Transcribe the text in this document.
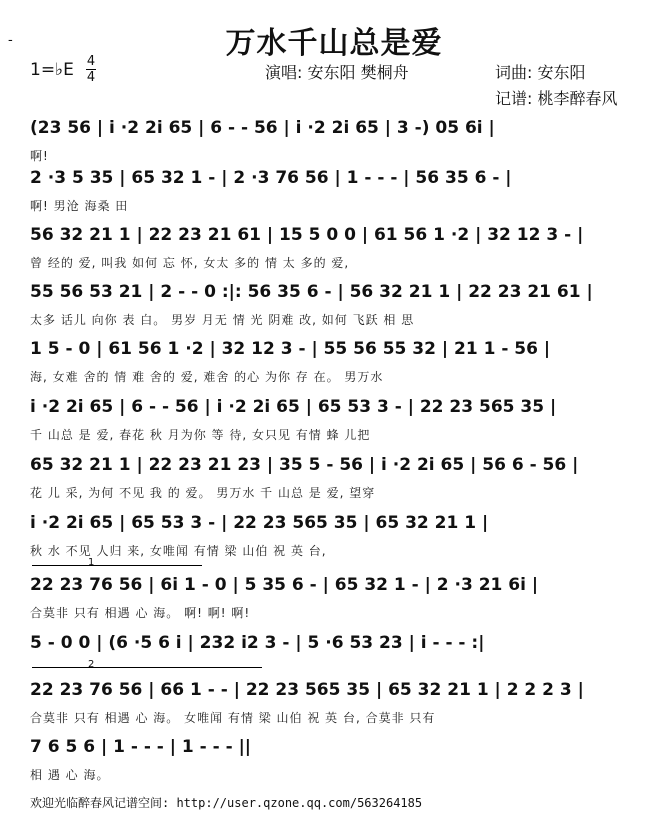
万水千山总是爱
-
1=♭E 4
4	演唱: 安东阳 樊桐舟	词曲: 安东阳
记谱: 桃李醉春风
(23 56 | i ·2 2i 65 | 6 - - 56 | i ·2 2i 65 | 3 -) 05 6i |
啊!
2 ·3 5 35 | 65 32 1 - | 2 ·3 76 56 | 1 - - - | 56 35 6 - |
啊! 男沧 海桑 田
56 32 21 1 | 22 23 21 61 | 15 5 0 0 | 61 56 1 ·2 | 32 12 3 - |
曾 经的 爱, 叫我 如何 忘 怀, 女太 多的 情 太 多的 爱,
55 56 53 21 | 2 - - 0 :|: 56 35 6 - | 56 32 21 1 | 22 23 21 61 |
太多 话儿 向你 表 白。 男岁 月无 情 光 阴难 改, 如何 飞跃 相 思
1 5 - 0 | 61 56 1 ·2 | 32 12 3 - | 55 56 55 32 | 21 1 - 56 |
海, 女难 舍的 情 难 舍的 爱, 难舍 的心 为你 存 在。 男万水
i ·2 2i 65 | 6 - - 56 | i ·2 2i 65 | 65 53 3 - | 22 23 565 35 |
千 山总 是 爱, 春花 秋 月为你 等 待, 女只见 有情 蜂 儿把
65 32 21 1 | 22 23 21 23 | 35 5 - 56 | i ·2 2i 65 | 56 6 - 56 |
花 儿 采, 为何 不见 我 的 爱。 男万水 千 山总 是 爱, 望穿
i ·2 2i 65 | 65 53 3 - | 22 23 565 35 | 65 32 21 1 |
秋 水 不见 人归 来, 女唯闻 有情 梁 山伯 祝 英 台,
1
22 23 76 56 | 6i 1 - 0 | 5 35 6 - | 65 32 1 - | 2 ·3 21 6i |
合莫非 只有 相遇 心 海。 啊! 啊! 啊!
5 - 0 0 | (6 ·5 6 i | 232 i2 3 - | 5 ·6 53 23 | i - - - :|
2
22 23 76 56 | 66 1 - - | 22 23 565 35 | 65 32 21 1 | 2 2 2 3 |
合莫非 只有 相遇 心 海。 女唯闻 有情 梁 山伯 祝 英 台, 合莫非 只有
7 6 5 6 | 1 - - - | 1 - - - ||
相 遇 心 海。
欢迎光临醉春风记谱空间: http://user.qzone.qq.com/563264185
